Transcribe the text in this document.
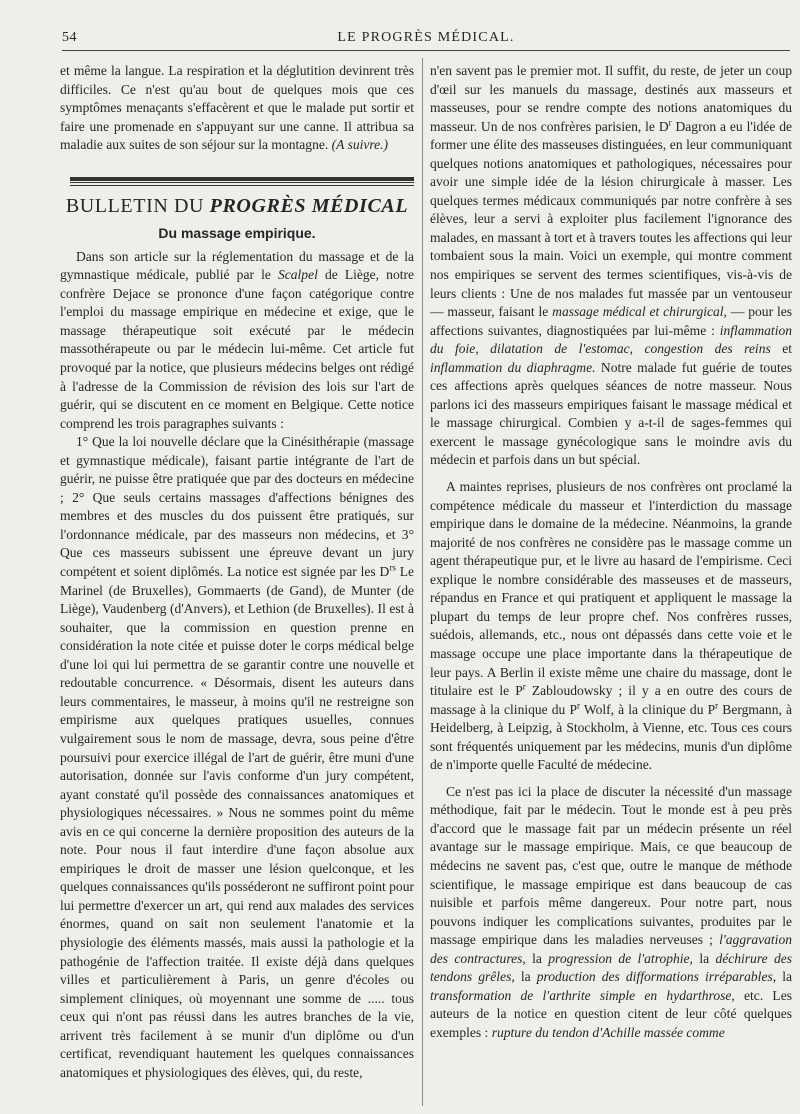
54	LE PROGRÈS MÉDICAL.

et même la langue. La respiration et la déglutition devinrent très difficiles. Ce n'est qu'au bout de quelques mois que ces symptômes menaçants s'effacèrent et que le malade put sortir et faire une promenade en s'appuyant sur une canne. Il attribua sa maladie aux suites de son séjour sur la montagne. (A suivre.)

BULLETIN DU PROGRÈS MÉDICAL
Du massage empirique.

Dans son article sur la réglementation du massage et de la gymnastique médicale, publié par le Scalpel de Liège, notre confrère Dejace se prononce d'une façon catégorique contre l'emploi du massage empirique en médecine et exige, que le massage thérapeutique soit exécuté par le médecin massothérapeute ou par le médecin lui-même. Cet article fut provoqué par la notice, que plusieurs médecins belges ont rédigé à l'adresse de la Commission de révision des lois sur l'art de guérir, qui se discutent en ce moment en Belgique. Cette notice comprend les trois paragraphes suivants :

1° Que la loi nouvelle déclare que la Cinésithérapie (massage et gymnastique médicale), faisant partie intégrante de l'art de guérir, ne puisse être pratiquée que par des docteurs en médecine ; 2° Que seuls certains massages d'affections bénignes des membres et des muscles du dos puissent être pratiqués, sur l'ordonnance médicale, par des masseurs non médecins, et 3° Que ces masseurs subissent une épreuve devant un jury compétent et soient diplômés. La notice est signée par les $D^{rs}$ Le Marinel (de Bruxelles), Gommaerts (de Gand), de Munter (de Liège), Vaudenberg (d'Anvers), et Lethion (de Bruxelles). Il est à souhaiter, que la commission en question prenne en considération la note citée et puisse doter le corps médical belge d'une loi qui lui permettra de se garantir contre une nouvelle et redoutable concurrence. « Désormais, disent les auteurs dans leurs commentaires, le masseur, à moins qu'il ne restreigne son empirisme aux quelques pratiques usuelles, connues vulgairement sous le nom de massage, devra, sous peine d'être poursuivi pour exercice illégal de l'art de guérir, être muni d'une autorisation, donnée sur l'avis conforme d'un jury compétent, ayant constaté qu'il possède des connaissances anatomiques et physiologiques nécessaires. » Nous ne sommes point du même avis en ce qui concerne la dernière proposition des auteurs de la note. Pour nous il faut interdire d'une façon absolue aux empiriques le droit de masser une lésion quelconque, et les quelques connaissances qu'ils posséderont ne suffiront point pour lui permettre d'exercer un art, qui rend aux malades des services énormes, quand on sait non seulement l'anatomie et la physiologie des éléments massés, mais aussi la pathologie et la pathogénie de l'affection traitée. Il existe déjà dans quelques villes et particulièrement à Paris, un genre d'écoles ou simplement cliniques, où moyennant une somme de ..... tous ceux qui n'ont pas réussi dans les autres branches de la vie, arrivent très facilement à se munir d'un diplôme ou d'un certificat, revendiquant hautement les quelques connaissances anatomiques et physiologiques des élèves, qui, du reste,

n'en savent pas le premier mot. Il suffit, du reste, de jeter un coup d'œil sur les manuels du massage, destinés aux masseurs et masseuses, pour se rendre compte des notions anatomiques du masseur. Un de nos confrères parisien, le $D^r$ Dagron a eu l'idée de former une élite des masseuses distinguées, en leur communiquant quelques notions anatomiques et pathologiques, nécessaires pour avoir une simple idée de la lésion chirurgicale à masser. Les quelques termes médicaux communiqués par notre confrère à ses élèves, leur a servi à exploiter plus facilement l'ignorance des malades, en massant à tort et à travers toutes les affections qui leur tombaient sous la main. Voici un exemple, qui montre comment nos empiriques se servent des termes scientifiques, vis-à-vis de leurs clients : Une de nos malades fut massée par un ventouseur — masseur, faisant le massage médical et chirurgical, — pour les affections suivantes, diagnostiquées par lui-même : inflammation du foie, dilatation de l'estomac, congestion des reins et inflammation du diaphragme. Notre malade fut guérie de toutes ces affections après quelques séances de notre masseur. Nous parlons ici des masseurs empiriques faisant le massage médical et le massage chirurgical. Combien y a-t-il de sages-femmes qui exercent le massage gynécologique sans le moindre avis du médecin et parfois dans un but spécial.

A maintes reprises, plusieurs de nos confrères ont proclamé la compétence médicale du masseur et l'interdiction du massage empirique dans le domaine de la médecine. Néanmoins, la grande majorité de nos confrères ne considère pas le massage comme un agent thérapeutique pur, et le livre au hasard de l'empirisme. Ceci explique le nombre considérable des masseuses et de masseurs, répandus en France et qui pratiquent et appliquent le massage la plupart du temps de leur propre chef. Nos confrères russes, suédois, allemands, etc., nous ont dépassés dans cette voie et le massage occupe une place importante dans la thérapeutique de leur pays. A Berlin il existe même une chaire du massage, dont le titulaire est le $P^r$ Zabloudowsky ; il y a en outre des cours de massage à la clinique du $P^r$ Wolf, à la clinique du $P^r$ Bergmann, à Heidelberg, à Leipzig, à Stockholm, à Vienne, etc. Tous ces cours sont fréquentés uniquement par les médecins, munis d'un diplôme de n'importe quelle Faculté de médecine.

Ce n'est pas ici la place de discuter la nécessité d'un massage méthodique, fait par le médecin. Tout le monde est à peu près d'accord que le massage fait par un médecin présente un réel avantage sur le massage empirique. Mais, ce que beaucoup de médecins ne savent pas, c'est que, outre le manque de méthode scientifique, le massage empirique est dans beaucoup de cas nuisible et parfois même dangereux. Pour notre part, nous pouvons indiquer les complications suivantes, produites par le massage empirique dans les maladies nerveuses ; l'aggravation des contractures, la progression de l'atrophie, la déchirure des tendons grêles, la production des difformations irréparables, la transformation de l'arthrite simple en hydarthrose, etc. Les auteurs de la notice en question citent de leur côté quelques exemples : rupture du tendon d'Achille massée comme
